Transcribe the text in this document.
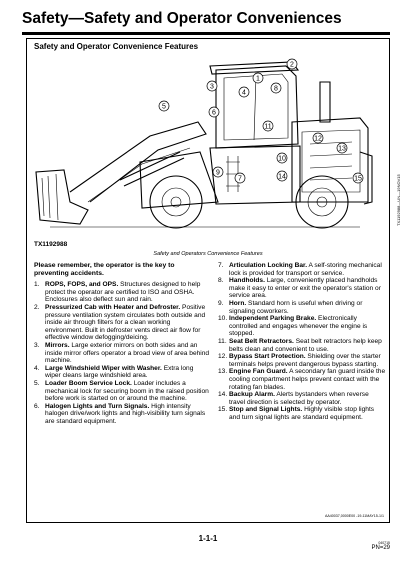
Safety—Safety and Operator Conveniences
Safety and Operator Convenience Features
1
2
3
4
5
6
7
8
9
10
11
12
13
14	15
TX1192988
TX1192988—UN—19NOV15
Safety and Operators Convenience Features
Please remember, the operator is the key to preventing accidents.
1. ROPS, FOPS, and OPS. Structures designed to help protect the operator are certified to ISO and OSHA. Enclosures also deflect sun and rain.
2. Pressurized Cab with Heater and Defroster. Positive pressure ventilation system circulates both outside and inside air through filters for a clean working environment. Built in defroster vents direct air flow for effective window defogging/deicing.
3. Mirrors. Large exterior mirrors on both sides and an inside mirror offers operator a broad view of area behind machine.
4. Large Windshield Wiper with Washer. Extra long wiper cleans large windshield area.
5. Loader Boom Service Lock. Loader includes a mechanical lock for securing boom in the raised position before work is started on or around the machine.
6. Halogen Lights and Turn Signals. High intensity halogen drive/work lights and high-visibility turn signals are standard equipment.
7. Articulation Locking Bar. A self-storing mechanical lock is provided for transport or service.
8. Handholds. Large, conveniently placed handholds make it easy to enter or exit the operator's station or service area.
9. Horn. Standard horn is useful when driving or signaling coworkers.
10. Independent Parking Brake. Electronically controlled and engages whenever the engine is stopped.
11. Seat Belt Retractors. Seat belt retractors help keep belts clean and convenient to use.
12. Bypass Start Protection. Shielding over the starter terminals helps prevent dangerous bypass starting.
13. Engine Fan Guard. A secondary fan guard inside the cooling compartment helps prevent contact with the rotating fan blades.
14. Backup Alarm. Alerts bystanders when reverse travel direction is selected by operator.
15. Stop and Signal Lights. Highly visible stop lights and turn signal lights are standard equipment.
AA40037,0000E00 -19-11MAY15-1/1
1-1-1	040715
PN=29
